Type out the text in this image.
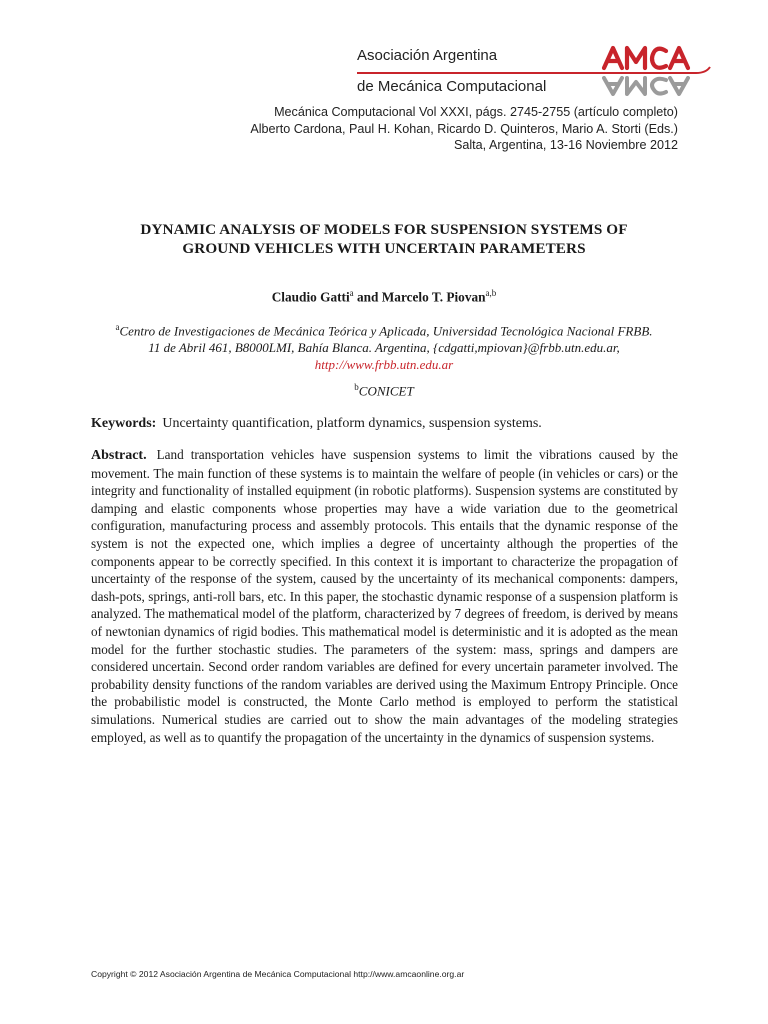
Asociación Argentina
de Mecánica Computacional
Mecánica Computacional Vol XXXI, págs. 2745-2755 (artículo completo)
Alberto Cardona, Paul H. Kohan, Ricardo D. Quinteros, Mario A. Storti (Eds.)
Salta, Argentina, 13-16 Noviembre 2012
DYNAMIC ANALYSIS OF MODELS FOR SUSPENSION SYSTEMS OF
GROUND VEHICLES WITH UNCERTAIN PARAMETERS
Claudio Gatti$^a$ and Marcelo T. Piovan$^{a,b}$
$^a$Centro de Investigaciones de Mecánica Teórica y Aplicada, Universidad Tecnológica Nacional FRBB.
11 de Abril 461, B8000LMI, Bahía Blanca. Argentina, {cdgatti,mpiovan}@frbb.utn.edu.ar,
http://www.frbb.utn.edu.ar
$^b$CONICET
Keywords: Uncertainty quantification, platform dynamics, suspension systems.
Abstract. Land transportation vehicles have suspension systems to limit the vibrations caused by the movement. The main function of these systems is to maintain the welfare of people (in vehicles or cars) or the integrity and functionality of installed equipment (in robotic platforms). Suspension systems are constituted by damping and elastic components whose properties may have a wide variation due to the geometrical configuration, manufacturing process and assembly protocols. This entails that the dynamic response of the system is not the expected one, which implies a degree of uncertainty although the properties of the components appear to be correctly specified. In this context it is important to characterize the propagation of uncertainty of the response of the system, caused by the uncertainty of its mechanical components: dampers, dash-pots, springs, anti-roll bars, etc. In this paper, the stochastic dynamic response of a suspension platform is analyzed. The mathematical model of the platform, characterized by 7 degrees of freedom, is derived by means of newtonian dynamics of rigid bodies. This mathematical model is deterministic and it is adopted as the mean model for the further stochastic studies. The parameters of the system: mass, springs and dampers are considered uncertain. Second order random variables are defined for every uncertain parameter involved. The probability density functions of the random variables are derived using the Maximum Entropy Principle. Once the probabilistic model is constructed, the Monte Carlo method is employed to perform the statistical simulations. Numerical studies are carried out to show the main advantages of the modeling strategies employed, as well as to quantify the propagation of the uncertainty in the dynamics of suspension systems.
Copyright © 2012 Asociación Argentina de Mecánica Computacional http://www.amcaonline.org.ar
